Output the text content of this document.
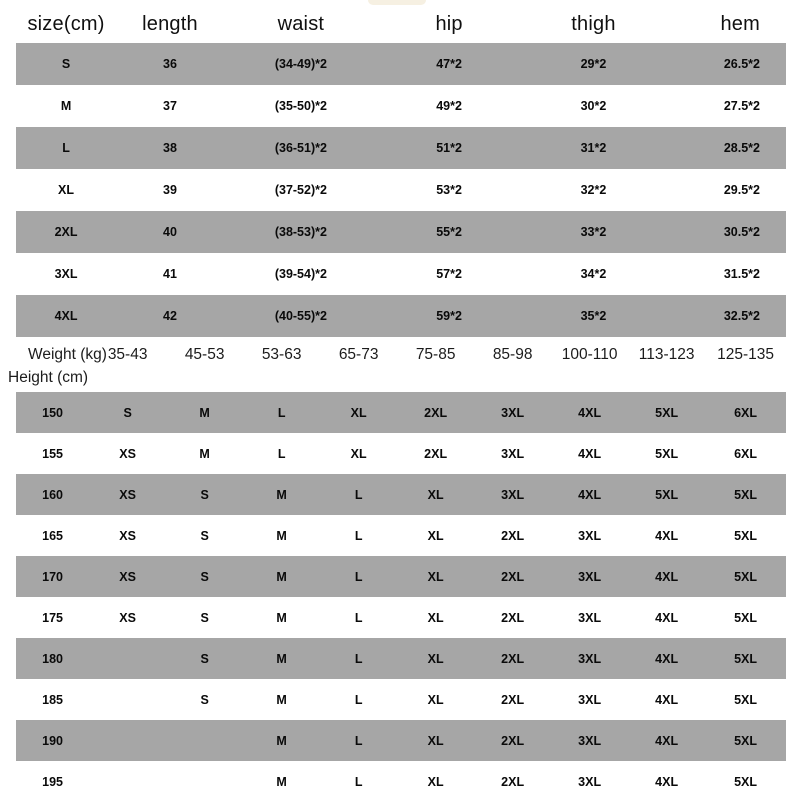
size(cm)	length	waist	hip	thigh	hem
S	36	(34-49)*2	47*2	29*2	26.5*2
M	37	(35-50)*2	49*2	30*2	27.5*2
L	38	(36-51)*2	51*2	31*2	28.5*2
XL	39	(37-52)*2	53*2	32*2	29.5*2
2XL	40	(38-53)*2	55*2	33*2	30.5*2
3XL	41	(39-54)*2	57*2	34*2	31.5*2
4XL	42	(40-55)*2	59*2	35*2	32.5*2
Weight (kg) 35-43 45-53 53-63 65-73 75-85 85-98 100-110 113-123 125-135
Height (cm)
150	S	M	L	XL	2XL	3XL	4XL	5XL	6XL
155	XS	M	L	XL	2XL	3XL	4XL	5XL	6XL
160	XS	S	M	L	XL	3XL	4XL	5XL	5XL
165	XS	S	M	L	XL	2XL	3XL	4XL	5XL
170	XS	S	M	L	XL	2XL	3XL	4XL	5XL
175	XS	S	M	L	XL	2XL	3XL	4XL	5XL
180		S	M	L	XL	2XL	3XL	4XL	5XL
185		S	M	L	XL	2XL	3XL	4XL	5XL
190			M	L	XL	2XL	3XL	4XL	5XL
195			M	L	XL	2XL	3XL	4XL	5XL
